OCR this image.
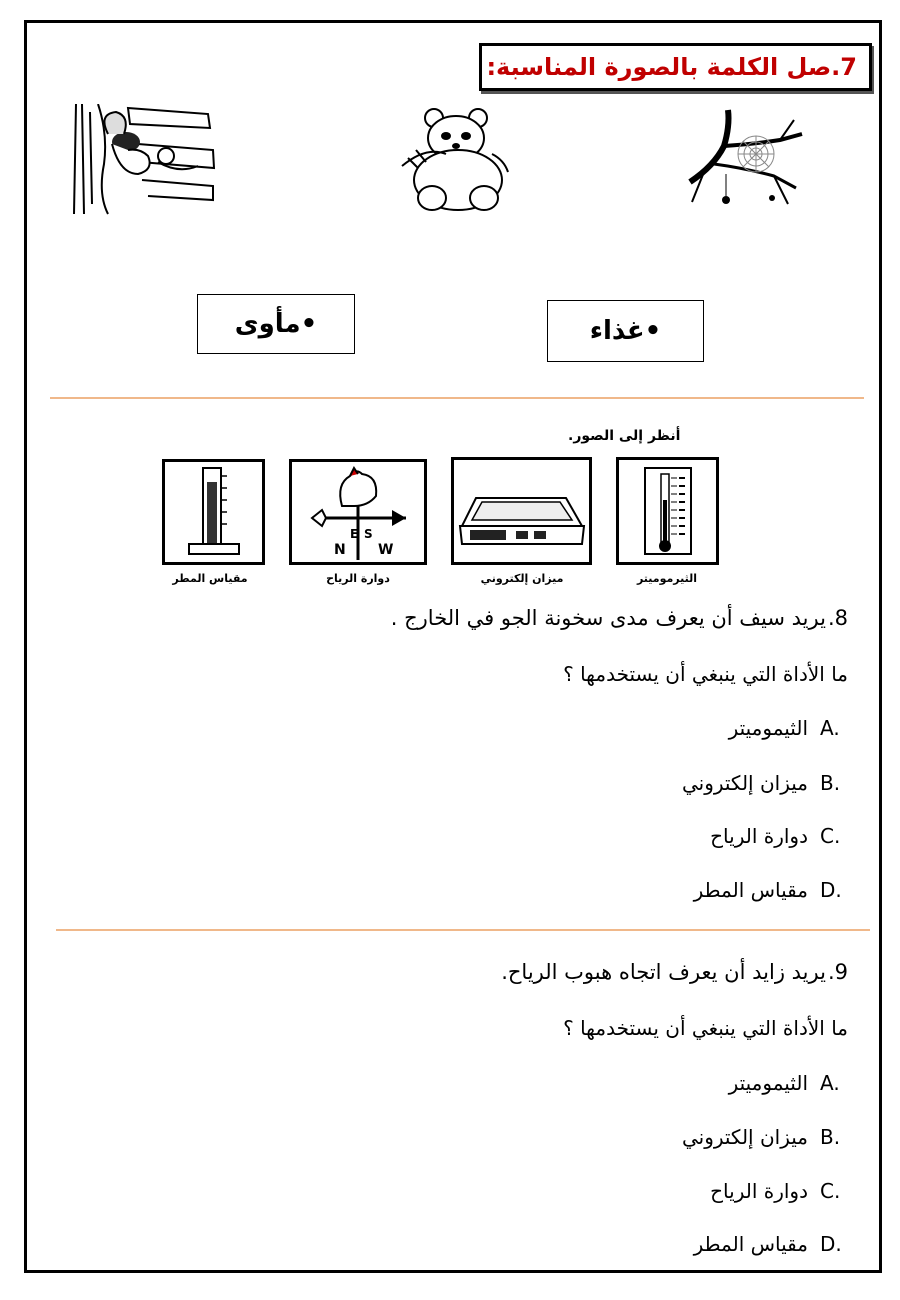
7.صل الكلمة بالصورة المناسبة:
•مأوى	•غذاء
أنظر إلى الصور.
مقياس المطر
N W
E S
دوارة الرياح	ميزان إلكتروني	الثيرموميتر
8.يريد سيف أن يعرف مدى سخونة الجو في الخارج .
ما الأداة التي ينبغي أن يستخدمها ؟
A.الثيموميتر
B.ميزان إلكتروني
C.دوارة الرياح
D.مقياس المطر
9.يريد زايد أن يعرف اتجاه هبوب الرياح.
ما الأداة التي ينبغي أن يستخدمها ؟
A.الثيموميتر
B.ميزان إلكتروني
C.دوارة الرياح
D.مقياس المطر
